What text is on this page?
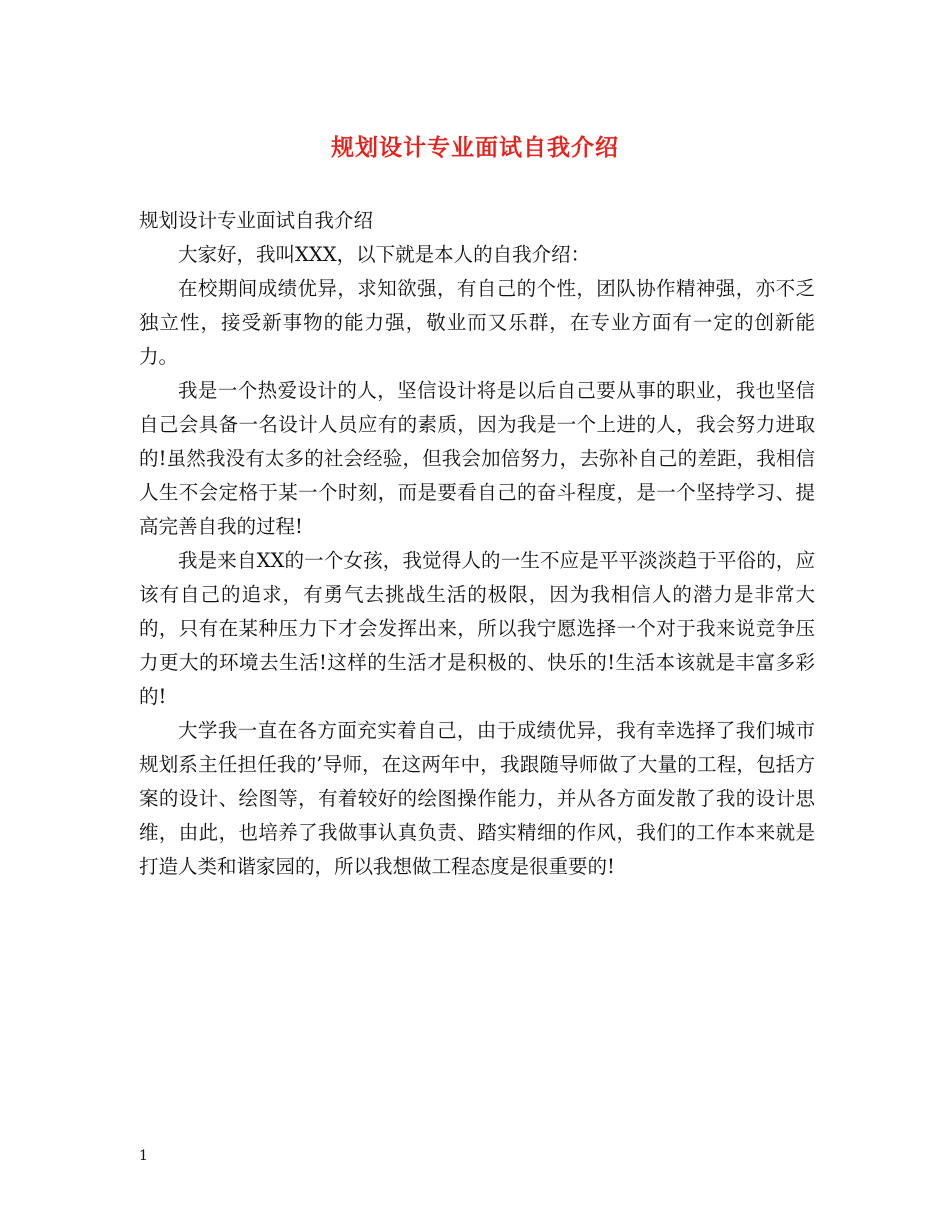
规划设计专业面试自我介绍

规划设计专业面试自我介绍

大家好，我叫XXX，以下就是本人的自我介绍：

在校期间成绩优异，求知欲强，有自己的个性，团队协作精神强，亦不乏独立性，接受新事物的能力强，敬业而又乐群，在专业方面有一定的创新能力。

我是一个热爱设计的人，坚信设计将是以后自己要从事的职业，我也坚信自己会具备一名设计人员应有的素质，因为我是一个上进的人，我会努力进取的!虽然我没有太多的社会经验，但我会加倍努力，去弥补自己的差距，我相信人生不会定格于某一个时刻，而是要看自己的奋斗程度，是一个坚持学习、提高完善自我的过程!

我是来自XX的一个女孩，我觉得人的一生不应是平平淡淡趋于平俗的，应该有自己的追求，有勇气去挑战生活的极限，因为我相信人的潜力是非常大的，只有在某种压力下才会发挥出来，所以我宁愿选择一个对于我来说竞争压力更大的环境去生活!这样的生活才是积极的、快乐的!生活本该就是丰富多彩的!

大学我一直在各方面充实着自己，由于成绩优异，我有幸选择了我们城市规划系主任担任我的’导师，在这两年中，我跟随导师做了大量的工程，包括方案的设计、绘图等，有着较好的绘图操作能力，并从各方面发散了我的设计思维，由此，也培养了我做事认真负责、踏实精细的作风，我们的工作本来就是打造人类和谐家园的，所以我想做工程态度是很重要的!

1
